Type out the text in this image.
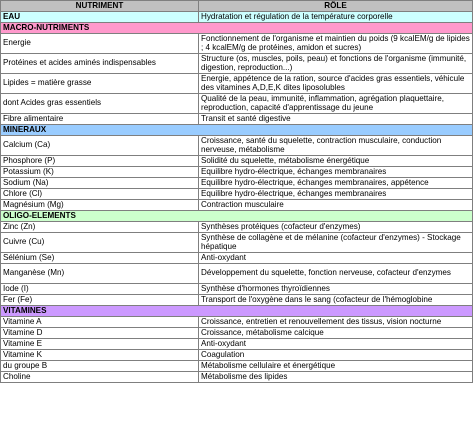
NUTRIMENT	RÔLE
EAU	Hydratation et régulation de la température corporelle
MACRO-NUTRIMENTS	
Energie	Fonctionnement de l'organisme et maintien du poids (9 kcalEM/g de lipides ; 4 kcalEM/g de protéines, amidon et sucres)
Protéines et acides aminés indispensables	Structure (os, muscles, poils, peau) et fonctions de l'organisme (immunité, digestion, reproduction...)
Lipides = matière grasse	Energie, appétence de la ration, source d'acides gras essentiels, véhicule des vitamines A,D,E,K dites liposolubles
dont Acides gras essentiels	Qualité de la peau, immunité, inflammation, agrégation plaquettaire, reproduction, capacité d'apprentissage du jeune
Fibre alimentaire	Transit et santé digestive
MINERAUX	
Calcium (Ca)	Croissance, santé du squelette, contraction musculaire, conduction nerveuse, métabolisme
Phosphore (P)	Solidité du squelette, métabolisme énergétique
Potassium (K)	Equilibre hydro-électrique, échanges membranaires
Sodium (Na)	Equilibre hydro-électrique, échanges membranaires, appétence
Chlore (Cl)	Equilibre hydro-électrique, échanges membranaires
Magnésium (Mg)	Contraction musculaire
OLIGO-ELEMENTS	
Zinc (Zn)	Synthèses protéiques (cofacteur d'enzymes)
Cuivre (Cu)	Synthèse de collagène et de mélanine (cofacteur d'enzymes) - Stockage hépatique
Sélénium (Se)	Anti-oxydant
Manganèse (Mn)	Développement du squelette, fonction nerveuse, cofacteur d'enzymes
Iode (I)	Synthèse d'hormones thyroïdiennes
Fer (Fe)	Transport de l'oxygène dans le sang (cofacteur de l'hémoglobine
VITAMINES	
Vitamine A	Croissance, entretien et renouvellement des tissus, vision nocturne
Vitamine D	Croissance, métabolisme calcique
Vitamine E	Anti-oxydant
Vitamine K	Coagulation
du groupe B	Métabolisme cellulaire et énergétique
Choline	Métabolisme des lipides
